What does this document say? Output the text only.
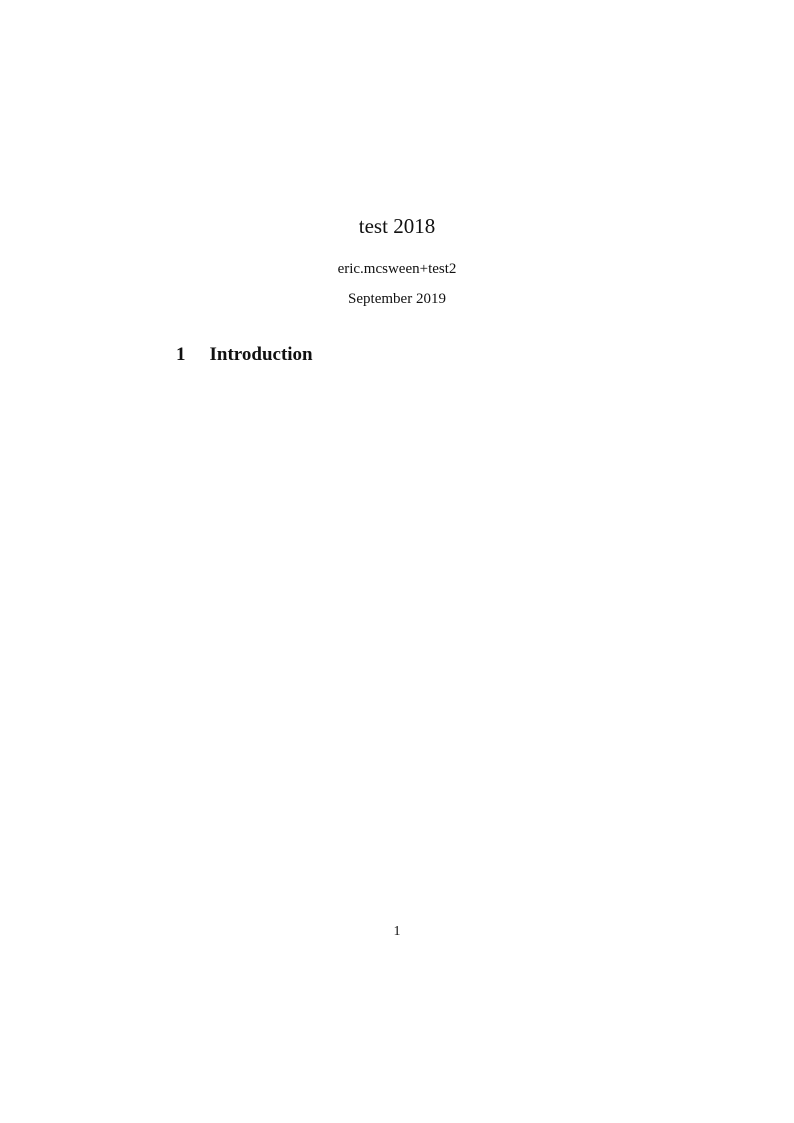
test 2018
eric.mcsween+test2
September 2019
1 Introduction
1
